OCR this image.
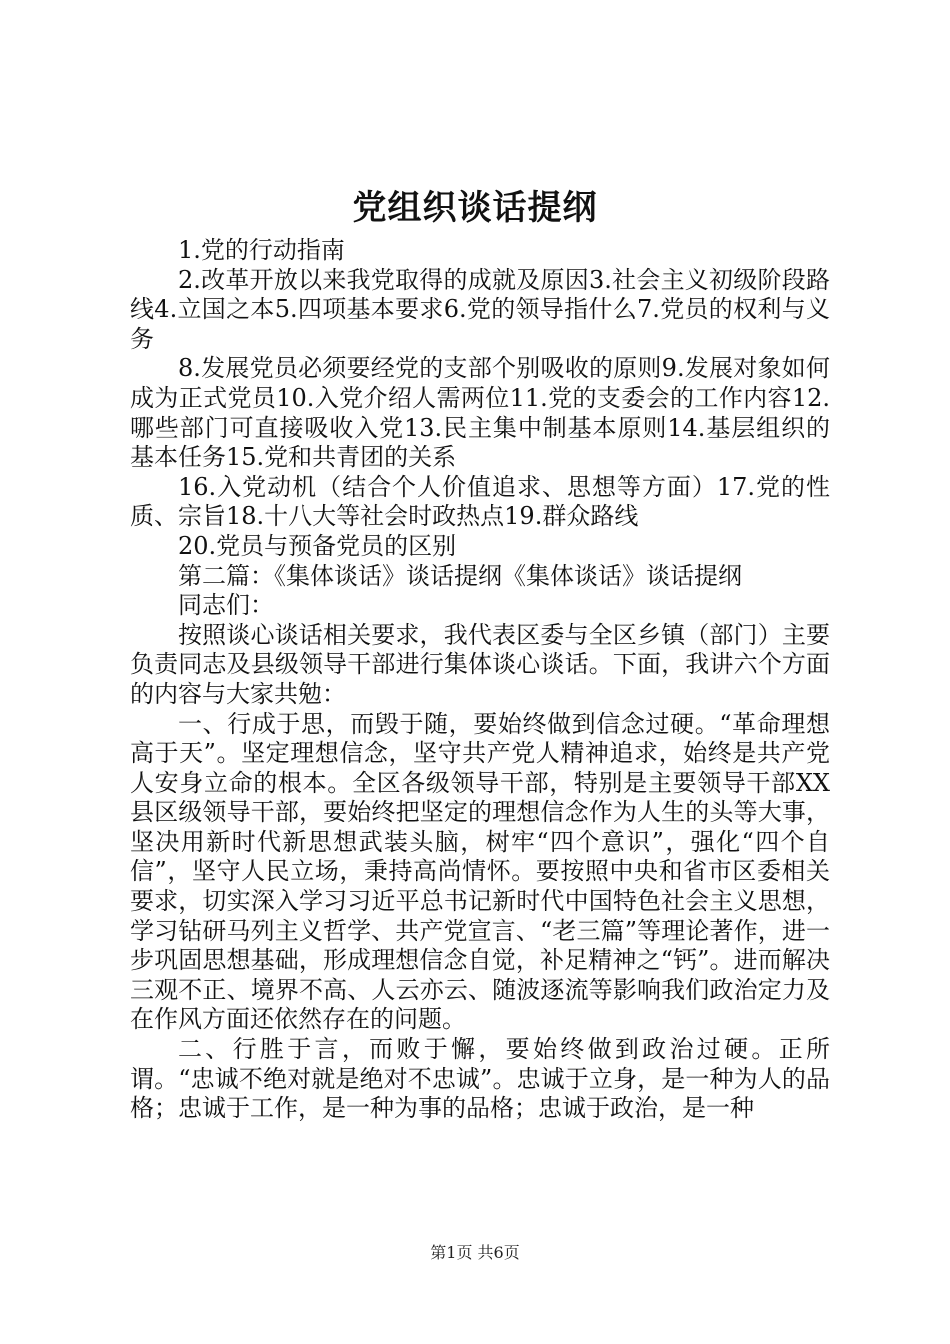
党组织谈话提纲

1.党的行动指南

2.改革开放以来我党取得的成就及原因3.社会主义初级阶段路线4.立国之本5.四项基本要求6.党的领导指什么7.党员的权利与义务

8.发展党员必须要经党的支部个别吸收的原则9.发展对象如何成为正式党员10.入党介绍人需两位11.党的支委会的工作内容12.哪些部门可直接吸收入党13.民主集中制基本原则14.基层组织的基本任务15.党和共青团的关系

16.入党动机（结合个人价值追求、思想等方面）17.党的性质、宗旨18.十八大等社会时政热点19.群众路线

20.党员与预备党员的区别

第二篇：《集体谈话》谈话提纲《集体谈话》谈话提纲

同志们：

按照谈心谈话相关要求，我代表区委与全区乡镇（部门）主要负责同志及县级领导干部进行集体谈心谈话。下面，我讲六个方面的内容与大家共勉：

一、行成于思，而毁于随，要始终做到信念过硬。“革命理想高于天”。坚定理想信念，坚守共产党人精神追求，始终是共产党人安身立命的根本。全区各级领导干部，特别是主要领导干部XX县区级领导干部，要始终把坚定的理想信念作为人生的头等大事，坚决用新时代新思想武装头脑，树牢“四个意识”，强化“四个自信”，坚守人民立场，秉持高尚情怀。要按照中央和省市区委相关要求，切实深入学习习近平总书记新时代中国特色社会主义思想，学习钻研马列主义哲学、共产党宣言、“老三篇”等理论著作，进一步巩固思想基础，形成理想信念自觉，补足精神之“钙”。进而解决三观不正、境界不高、人云亦云、随波逐流等影响我们政治定力及在作风方面还依然存在的问题。

二、行胜于言，而败于懈，要始终做到政治过硬。正所谓。“忠诚不绝对就是绝对不忠诚”。忠诚于立身，是一种为人的品格；忠诚于工作，是一种为事的品格；忠诚于政治，是一种

第1页 共6页
